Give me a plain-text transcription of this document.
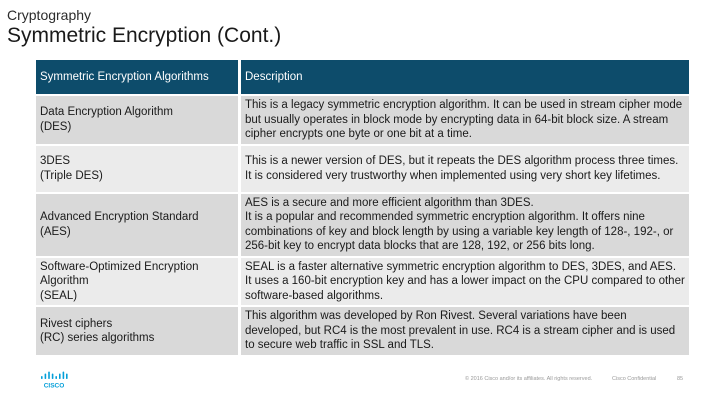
Cryptography
Symmetric Encryption (Cont.)
Symmetric Encryption Algorithms	Description

Data Encryption Algorithm
(DES)	This is a legacy symmetric encryption algorithm. It can be used in stream cipher mode but usually operates in block mode by encrypting data in 64-bit block size. A stream cipher encrypts one byte or one bit at a time.

3DES
(Triple DES)	This is a newer version of DES, but it repeats the DES algorithm process three times. It is considered very trustworthy when implemented using very short key lifetimes.

Advanced Encryption Standard
(AES)	AES is a secure and more efficient algorithm than 3DES.
It is a popular and recommended symmetric encryption algorithm. It offers nine combinations of key and block length by using a variable key length of 128-, 192-, or 256-bit key to encrypt data blocks that are 128, 192, or 256 bits long.

Software-Optimized Encryption Algorithm
(SEAL)	SEAL is a faster alternative symmetric encryption algorithm to DES, 3DES, and AES. It uses a 160-bit encryption key and has a lower impact on the CPU compared to other software-based algorithms.

Rivest ciphers
(RC) series algorithms	This algorithm was developed by Ron Rivest. Several variations have been developed, but RC4 is the most prevalent in use. RC4 is a stream cipher and is used to secure web traffic in SSL and TLS.
CISCO
© 2016 Cisco and/or its affiliates. All rights reserved.	Cisco Confidential	85
